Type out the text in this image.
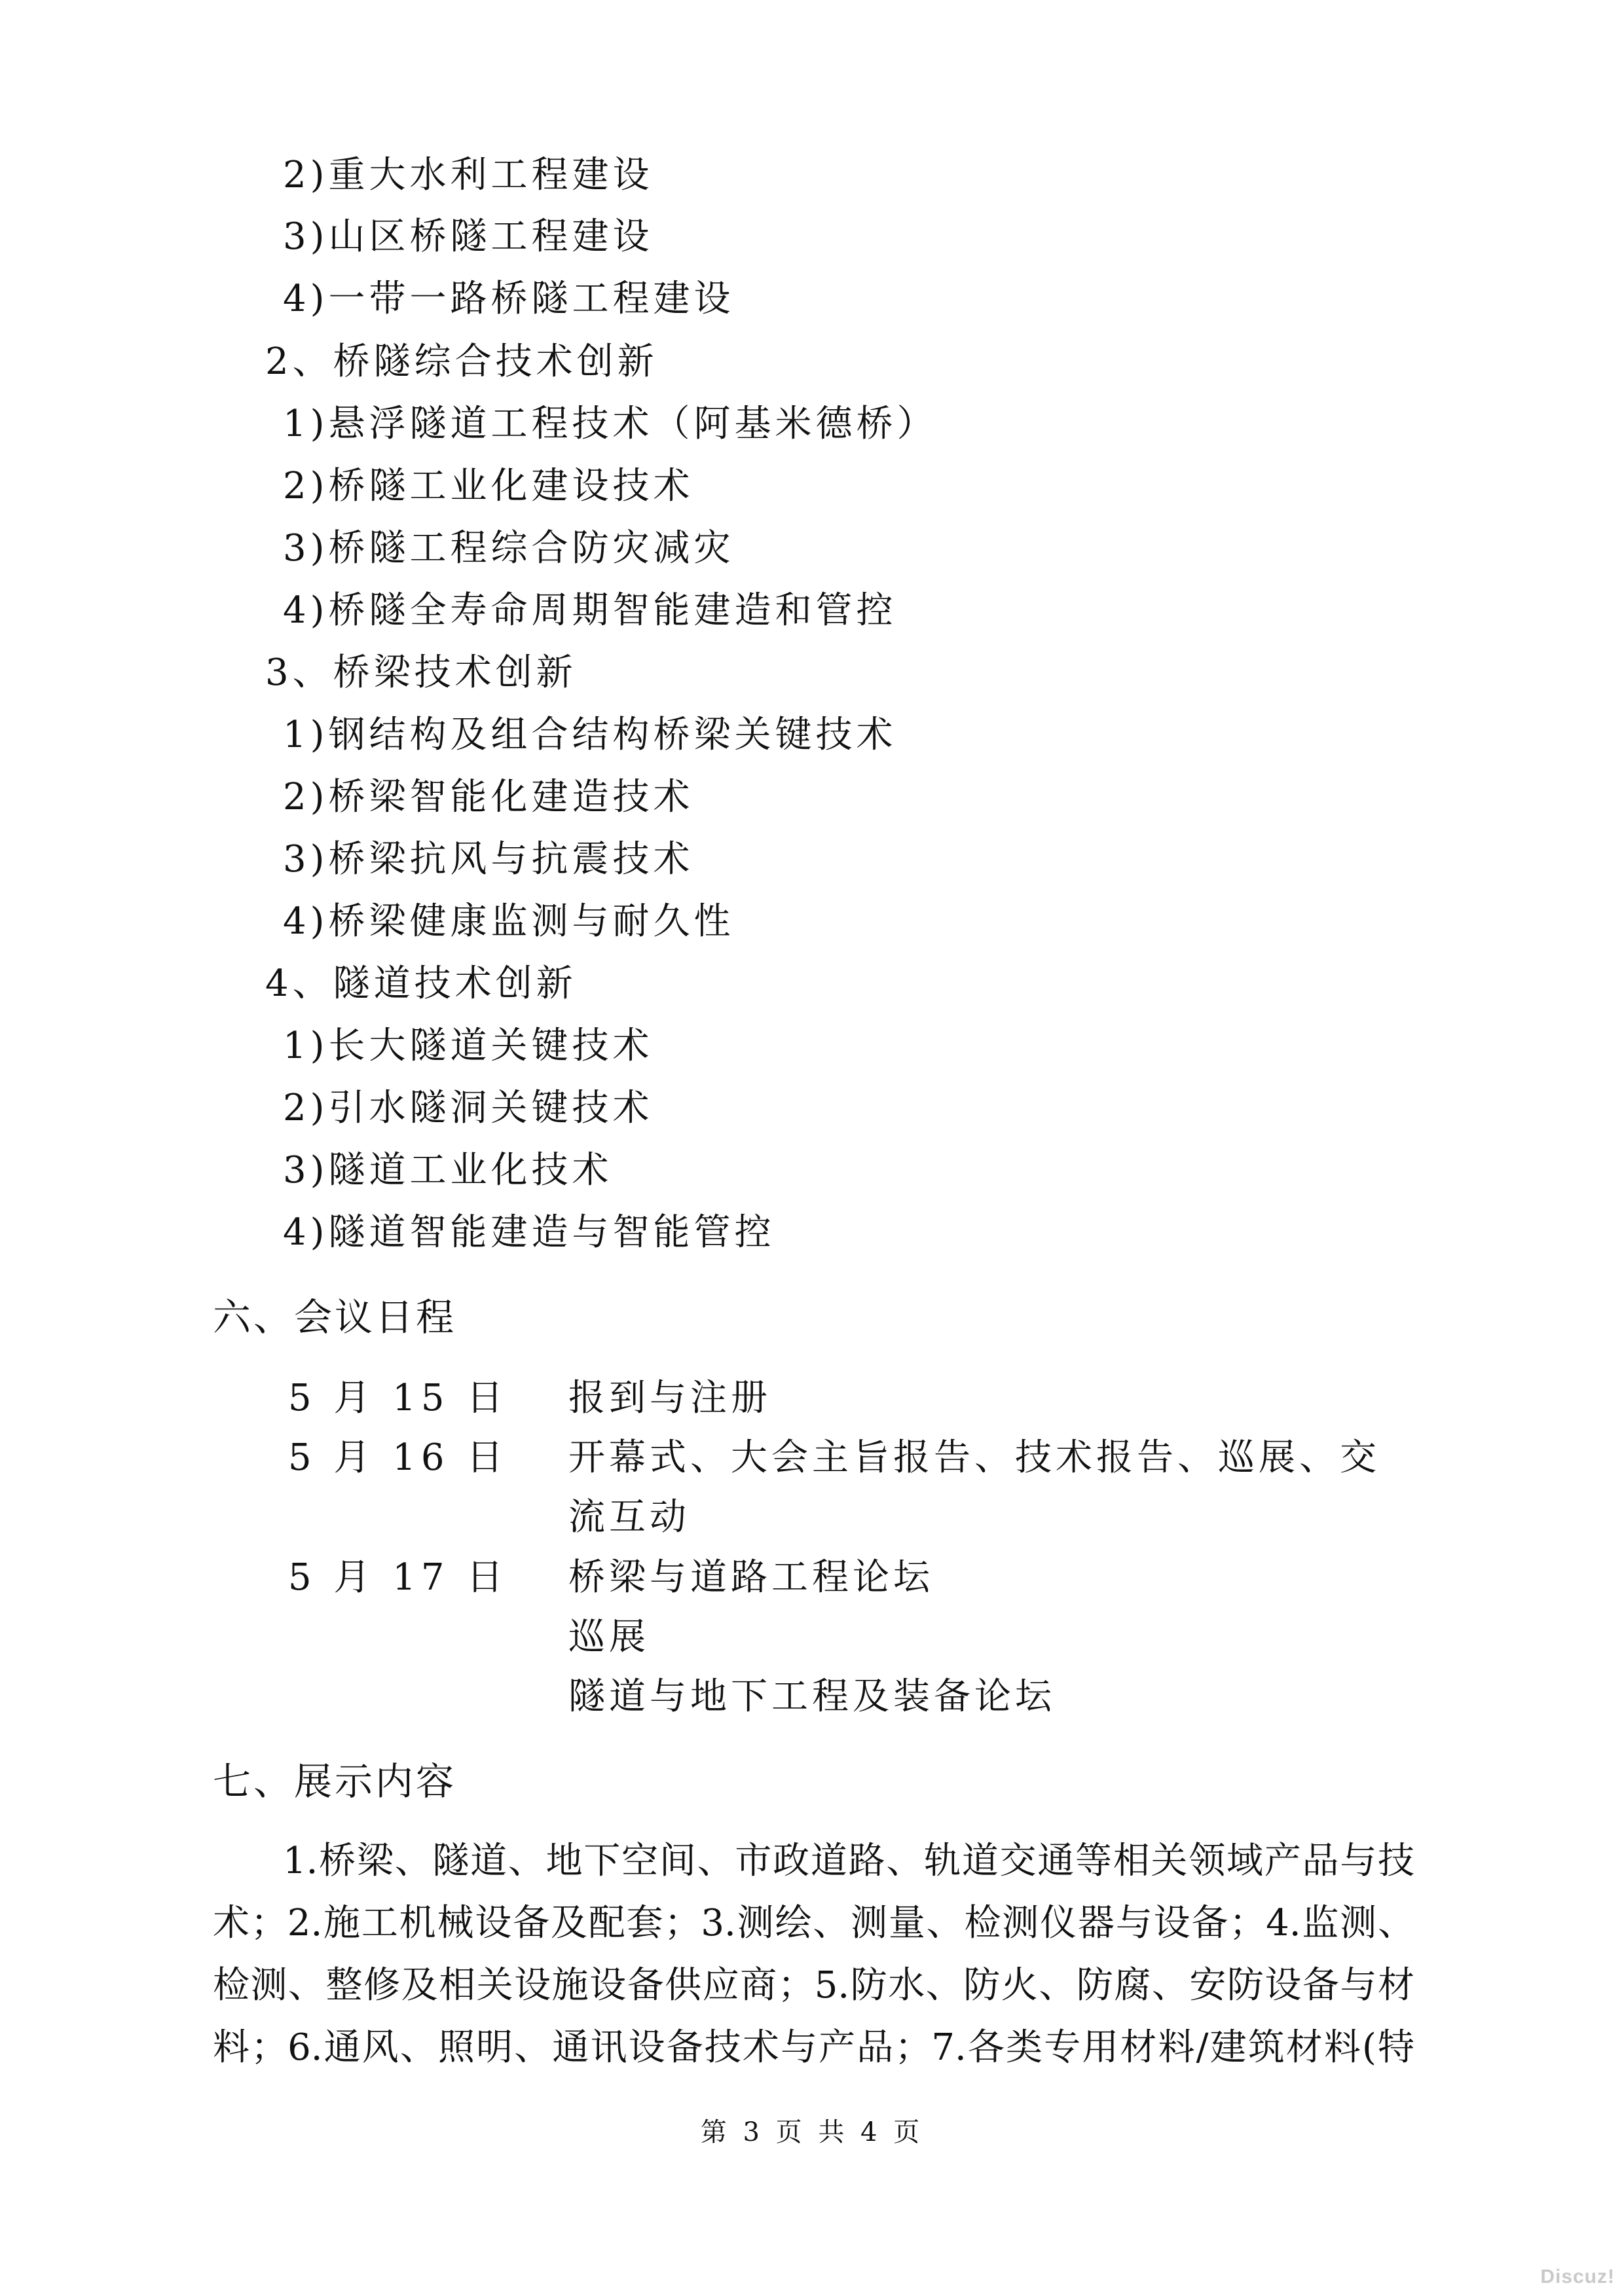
2)重大水利工程建设
3)山区桥隧工程建设
4)一带一路桥隧工程建设
2、桥隧综合技术创新
1)悬浮隧道工程技术（阿基米德桥）
2)桥隧工业化建设技术
3)桥隧工程综合防灾减灾
4)桥隧全寿命周期智能建造和管控
3、桥梁技术创新
1)钢结构及组合结构桥梁关键技术
2)桥梁智能化建造技术
3)桥梁抗风与抗震技术
4)桥梁健康监测与耐久性
4、隧道技术创新
1)长大隧道关键技术
2)引水隧洞关键技术
3)隧道工业化技术
4)隧道智能建造与智能管控
六、会议日程
5 月 15 日 报到与注册
5 月 16 日 开幕式、大会主旨报告、技术报告、巡展、交
流互动
5 月 17 日 桥梁与道路工程论坛
巡展
隧道与地下工程及装备论坛
七、展示内容
1.桥梁、隧道、地下空间、市政道路、轨道交通等相关领域产品与技
术；2.施工机械设备及配套；3.测绘、测量、检测仪器与设备；4.监测、
检测、整修及相关设施设备供应商；5.防水、防火、防腐、安防设备与材
料；6.通风、照明、通讯设备技术与产品；7.各类专用材料/建筑材料(特
第 3 页 共 4 页
Discuz!
